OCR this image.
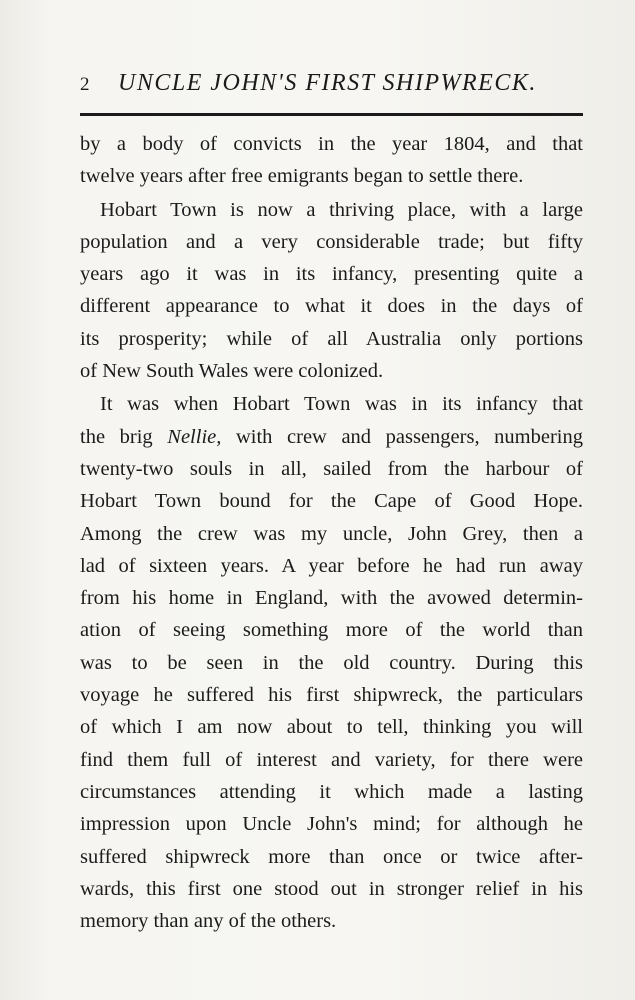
2 UNCLE JOHN'S FIRST SHIPWRECK.
by a body of convicts in the year 1804, and that
twelve years after free emigrants began to settle there.
Hobart Town is now a thriving place, with a large
population and a very considerable trade; but fifty
years ago it was in its infancy, presenting quite a
different appearance to what it does in the days of
its prosperity; while of all Australia only portions
of New South Wales were colonized.
It was when Hobart Town was in its infancy that
the brig Nellie, with crew and passengers, numbering
twenty-two souls in all, sailed from the harbour of
Hobart Town bound for the Cape of Good Hope.
Among the crew was my uncle, John Grey, then a
lad of sixteen years. A year before he had run away
from his home in England, with the avowed determin-
ation of seeing something more of the world than
was to be seen in the old country. During this
voyage he suffered his first shipwreck, the particulars
of which I am now about to tell, thinking you will
find them full of interest and variety, for there were
circumstances attending it which made a lasting
impression upon Uncle John's mind; for although he
suffered shipwreck more than once or twice after-
wards, this first one stood out in stronger relief in his
memory than any of the others.
